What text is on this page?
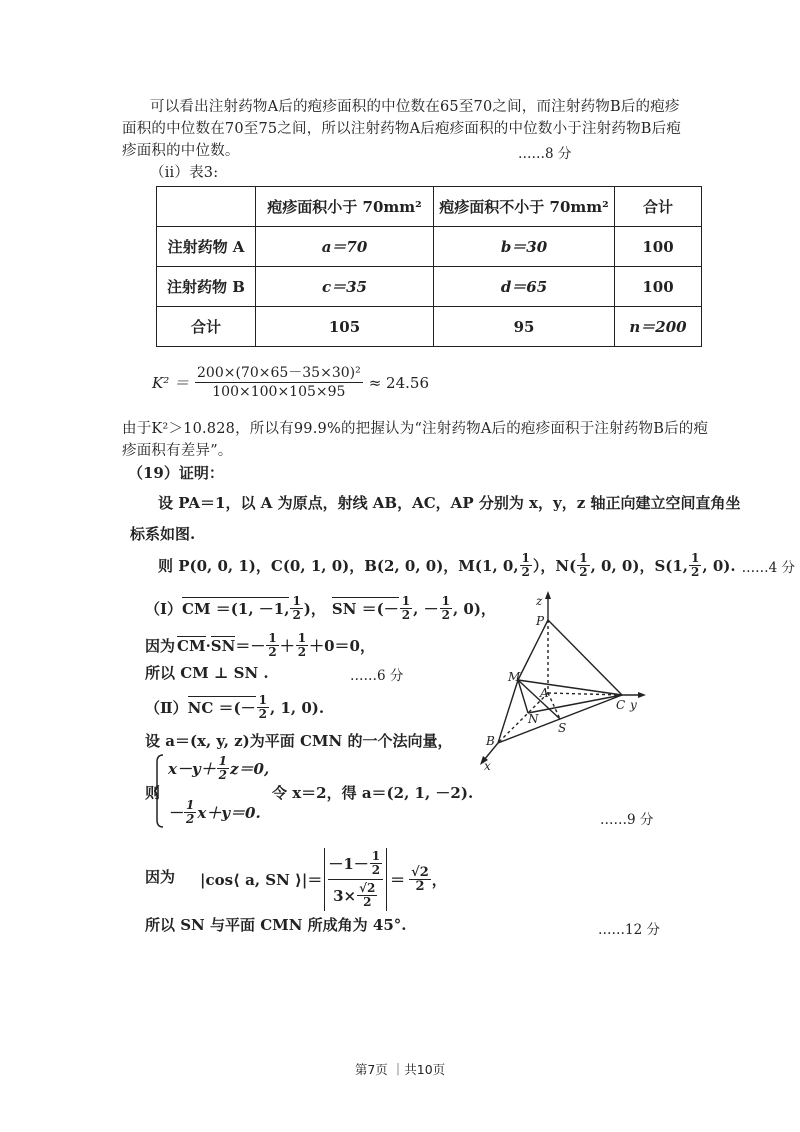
可以看出注射药物A后的疱疹面积的中位数在65至70之间，而注射药物B后的疱疹
面积的中位数在70至75之间，所以注射药物A后疱疹面积的中位数小于注射药物B后疱
疹面积的中位数。	……8 分
（ii）表3:
	疱疹面积小于 70mm²	疱疹面积不小于 70mm²	合计
注射药物 A	a＝70	b＝30	100
注射药物 B	c＝35	d＝65	100
合计	105	95	n＝200
$K^2 = \frac{\text{200×(70×65－35×30)²}}{100\times 100\times 105\times 95} \approx 24.56$
由于K²＞10.828，所以有99.9%的把握认为“注射药物A后的疱疹面积于注射药物B后的疱
疹面积有差异”。
（19）证明：
设 PA＝1，以 A 为原点，射线 AB，AC，AP 分别为 x，y，z 轴正向建立空间直角坐
标系如图.
则 P(0, 0, 1)，C(0, 1, 0)，B(2, 0, 0)，M(1, 0, $\frac{1}{2}$ ），$N( \frac{1}{2}$ , 0, 0)，S(1, $\frac{1}{2}$ , 0). ……4 分
（Ⅰ） CM ＝(1, －1, $\frac{1}{2}$ )， SN ＝(－ $\frac{1}{2}$ , － $\frac{1}{2}$ , 0)，
因为 CM · SN ＝－ $\frac{1}{2} + \frac{1}{2} +0=0$，
所以 CM ⊥ SN .	……6 分
（Ⅱ） NC ＝(－ $\frac{1}{2}$ , 1, 0).
设 a＝(x, y, z)为平面 CMN 的一个法向量，
则
$x-y+ \frac{1}{2} z=0$,
－ $\frac{1}{2} x+y=0$.
令 x＝2，得 a＝(2, 1, －2).
……9 分
因为 |cos⟨ a, SN ⟩|＝ $\frac{-1- \frac{1}{2}}{3\times \frac{√2}{2}} = \frac{√2}{2}$ ，
所以 SN 与平面 CMN 所成角为 45°.	……12 分
z
P
M
A
N
S
C y
B
x
第7页 ｜共10页
